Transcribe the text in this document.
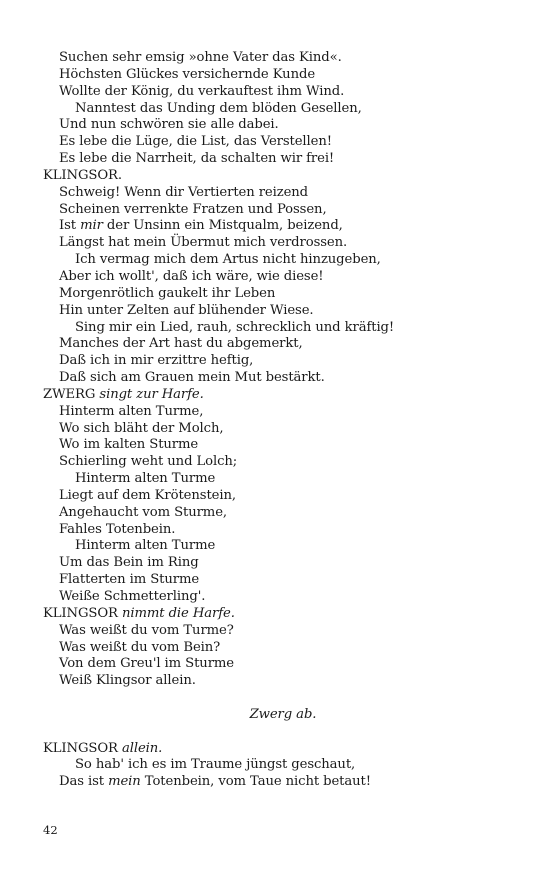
Suchen sehr emsig »ohne Vater das Kind«.
Höchsten Glückes versichernde Kunde
Wollte der König, du verkauftest ihm Wind.
Nanntest das Unding dem blöden Gesellen,
Und nun schwören sie alle dabei.
Es lebe die Lüge, die List, das Verstellen!
Es lebe die Narrheit, da schalten wir frei!
KLINGSOR.
Schweig! Wenn dir Vertierten reizend
Scheinen verrenkte Fratzen und Possen,
Ist mir der Unsinn ein Mistqualm, beizend,
Längst hat mein Übermut mich verdrossen.
Ich vermag mich dem Artus nicht hinzugeben,
Aber ich wollt', daß ich wäre, wie diese!
Morgenrötlich gaukelt ihr Leben
Hin unter Zelten auf blühender Wiese.
Sing mir ein Lied, rauh, schrecklich und kräftig!
Manches der Art hast du abgemerkt,
Daß ich in mir erzittre heftig,
Daß sich am Grauen mein Mut bestärkt.
ZWERG singt zur Harfe.
Hinterm alten Turme,
Wo sich bläht der Molch,
Wo im kalten Sturme
Schierling weht und Lolch;
Hinterm alten Turme
Liegt auf dem Krötenstein,
Angehaucht vom Sturme,
Fahles Totenbein.
Hinterm alten Turme
Um das Bein im Ring
Flatterten im Sturme
Weiße Schmetterling'.
KLINGSOR nimmt die Harfe.
Was weißt du vom Turme?
Was weißt du vom Bein?
Von dem Greu'l im Sturme
Weiß Klingsor allein.
Zwerg ab.
KLINGSOR allein.
So hab' ich es im Traume jüngst geschaut,
Das ist mein Totenbein, vom Taue nicht betaut!
42
